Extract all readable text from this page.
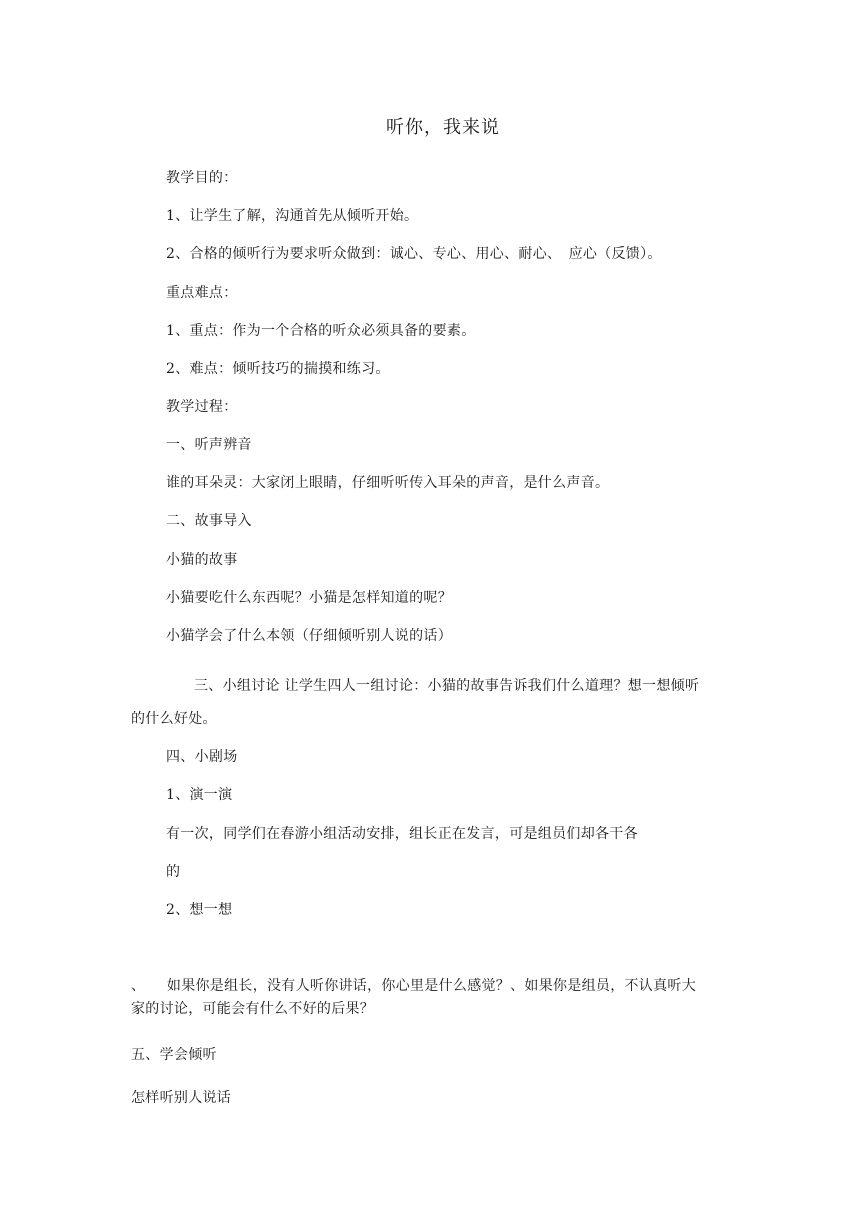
听你，我来说
教学目的：
1、让学生了解，沟通首先从倾听开始。
2、合格的倾听行为要求听众做到：诚心、专心、用心、耐心、　应心（反馈）。
重点难点：
1、重点：作为一个合格的听众必须具备的要素。
2、难点：倾听技巧的揣摸和练习。
教学过程：
一、听声辨音
谁的耳朵灵：大家闭上眼睛，仔细听听传入耳朵的声音，是什么声音。
二、故事导入
小猫的故事
小猫要吃什么东西呢？小猫是怎样知道的呢？
小猫学会了什么本领（仔细倾听别人说的话）
三、小组讨论 让学生四人一组讨论：小猫的故事告诉我们什么道理？想一想倾听
的什么好处。
四、小剧场
1、演一演
有一次，同学们在春游小组活动安排，组长正在发言，可是组员们却各干各
的
2、想一想
、　　如果你是组长，没有人听你讲话，你心里是什么感觉？、如果你是组员，不认真听大
家的讨论，可能会有什么不好的后果？
五、学会倾听
怎样听别人说话
